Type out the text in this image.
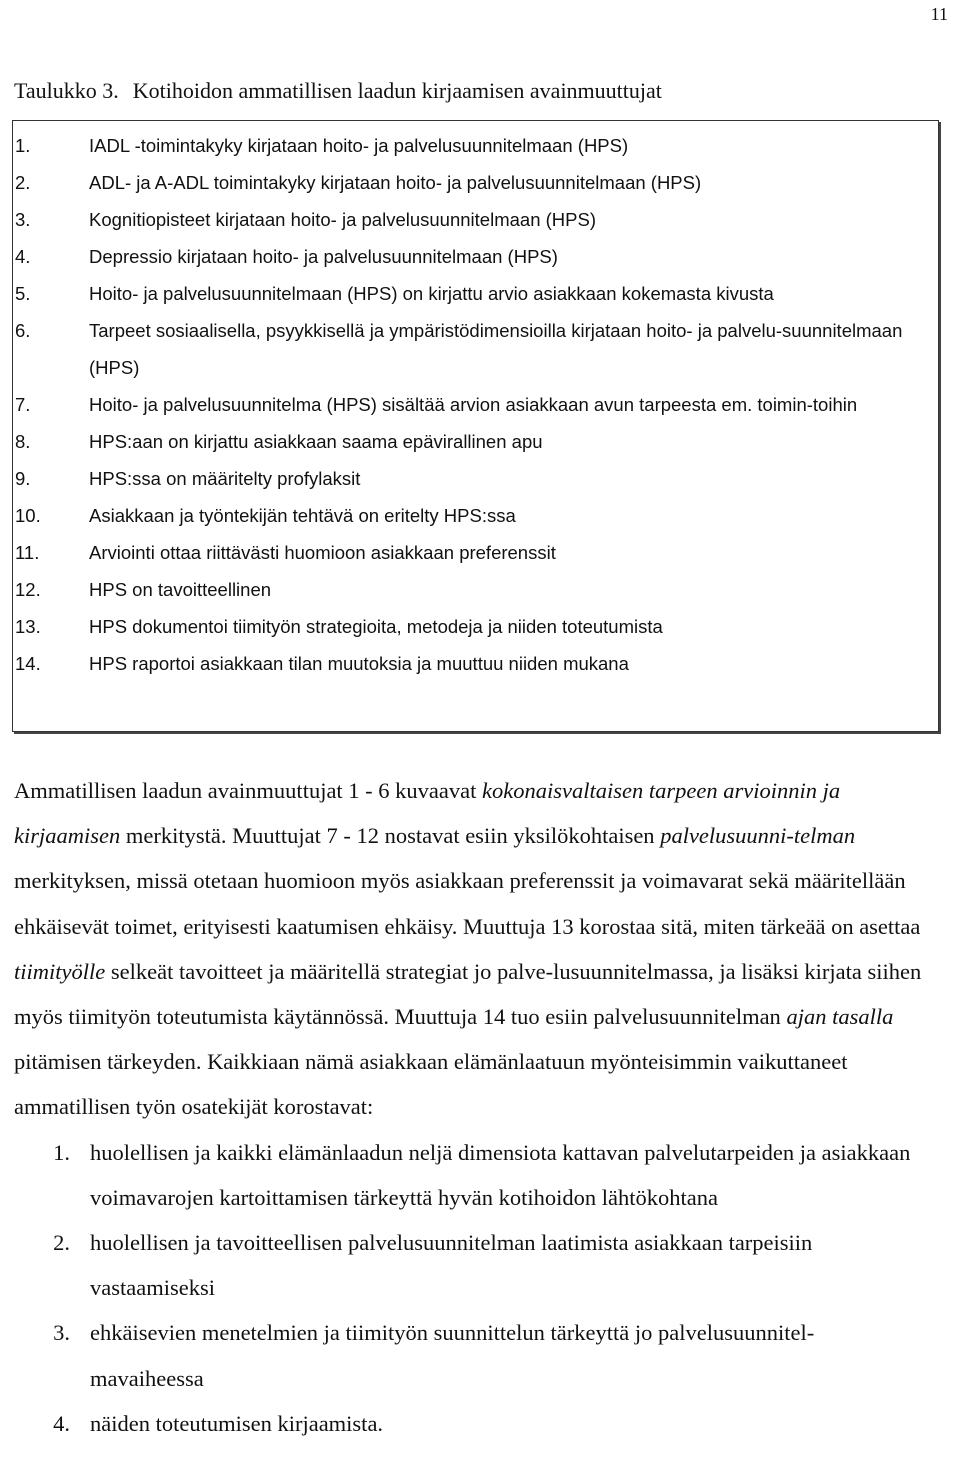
11
Taulukko 3. Kotihoidon ammatillisen laadun kirjaamisen avainmuuttujat
1.	IADL -toimintakyky kirjataan hoito- ja palvelusuunnitelmaan (HPS)
2.	ADL- ja A-ADL toimintakyky kirjataan hoito- ja palvelusuunnitelmaan (HPS)
3.	Kognitiopisteet kirjataan hoito- ja palvelusuunnitelmaan (HPS)
4.	Depressio kirjataan hoito- ja palvelusuunnitelmaan (HPS)
5.	Hoito- ja palvelusuunnitelmaan (HPS) on kirjattu arvio asiakkaan kokemasta kivusta
6.	Tarpeet sosiaalisella, psyykkisellä ja ympäristödimensioilla kirjataan hoito- ja palvelu-suunnitelmaan (HPS)
7.	Hoito- ja palvelusuunnitelma (HPS) sisältää arvion asiakkaan avun tarpeesta em. toimin-toihin
8.	HPS:aan on kirjattu asiakkaan saama epävirallinen apu
9.	HPS:ssa on määritelty profylaksit
10.	Asiakkaan ja työntekijän tehtävä on eritelty HPS:ssa
11.	Arviointi ottaa riittävästi huomioon asiakkaan preferenssit
12.	HPS on tavoitteellinen
13.	HPS dokumentoi tiimityön strategioita, metodeja ja niiden toteutumista
14.	HPS raportoi asiakkaan tilan muutoksia ja muuttuu niiden mukana

Ammatillisen laadun avainmuuttujat 1 - 6 kuvaavat kokonaisvaltaisen tarpeen arvioinnin ja kirjaamisen merkitystä. Muuttujat 7 - 12 nostavat esiin yksilökohtaisen palvelusuunni-telman merkityksen, missä otetaan huomioon myös asiakkaan preferenssit ja voimavarat sekä määritellään ehkäisevät toimet, erityisesti kaatumisen ehkäisy. Muuttuja 13 korostaa sitä, miten tärkeää on asettaa tiimityölle selkeät tavoitteet ja määritellä strategiat jo palve-lusuunnitelmassa, ja lisäksi kirjata siihen myös tiimityön toteutumista käytännössä. Muuttuja 14 tuo esiin palvelusuunnitelman ajan tasalla pitämisen tärkeyden. Kaikkiaan nämä asiakkaan elämänlaatuun myönteisimmin vaikuttaneet ammatillisen työn osatekijät korostavat:

1. huolellisen ja kaikki elämänlaadun neljä dimensiota kattavan palvelutarpeiden ja asiakkaan voimavarojen kartoittamisen tärkeyttä hyvän kotihoidon lähtökohtana
2. huolellisen ja tavoitteellisen palvelusuunnitelman laatimista asiakkaan tarpeisiin vastaamiseksi
3. ehkäisevien menetelmien ja tiimityön suunnittelun tärkeyttä jo palvelusuunnitel-mavaiheessa
4. näiden toteutumisen kirjaamista.
